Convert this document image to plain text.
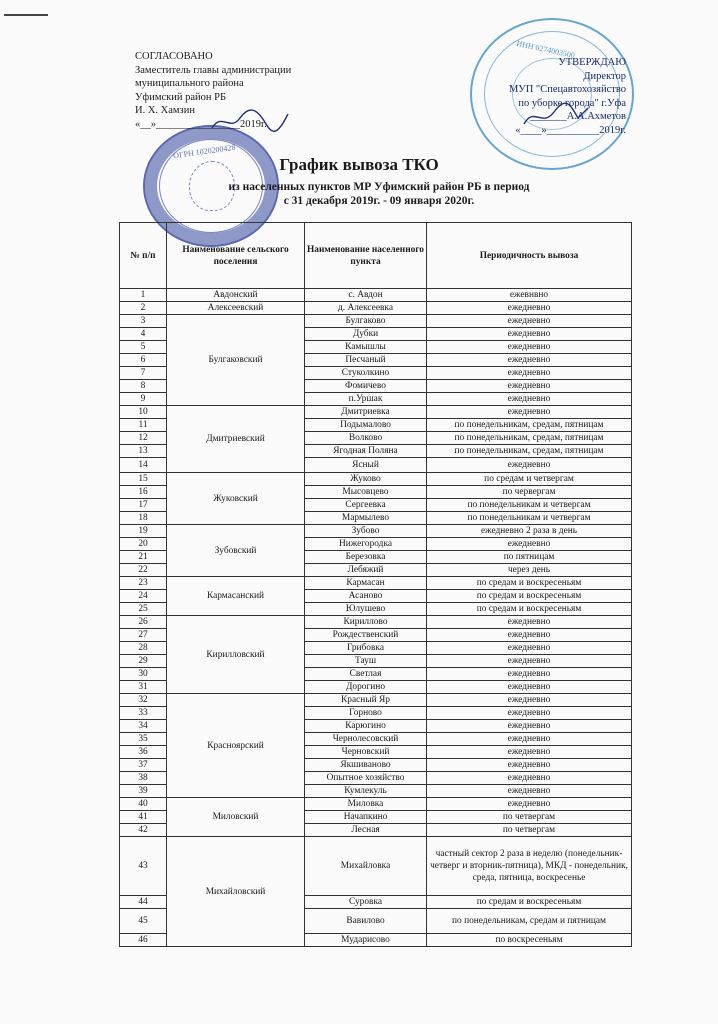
ОГРН 1020200428
ИНН 0274003500
СОГЛАСОВАНО
Заместитель главы администрации
муниципального района
Уфимский район РБ
И. Х. Хамзин
«__»________________2019г.
УТВЕРЖДАЮ
Директор
МУП "Спецавтохозяйство
по уборке города" г.Уфа
_______А.А.Ахметов
«____»__________2019г.
График вывоза ТКО
из населенных пунктов МР Уфимский район РБ в период
с 31 декабря 2019г. - 09 января 2020г.
№ п/п	Наименование сельского поселения	Наименование населенного пункта	Периодичность вывоза
1	Авдонский	с. Авдон	ежевнвно
2	Алексеевский	д. Алексеевка	ежедневно
3	Булгаковский	Булгаково	ежедневно
4		Дубки	ежедневно
5		Камышлы	ежедневно
6		Песчаный	ежедневно
7		Стуколкино	ежедневно
8		Фомичево	ежедневно
9		п.Уршак	ежедневно
10	Дмитриевский	Дмитриевка	ежедневно
11		Подымалово	по понедельникам, средам, пятницам
12		Волково	по понедельникам, средам, пятницам
13		Ягодная Поляна	по понедельникам, средам, пятницам
14		Ясный	ежедневно
15	Жуковский	Жуково	по средам и четвергам
16		Мысовцево	по червергам
17		Сергеевка	по понедельникам и четвергам
18		Мармылево	по понедельникам и четвергам
19	Зубовский	Зубово	ежедневно 2 раза в день
20		Нижегородка	ежедневно
21		Березовка	по пятницам
22		Лебяжий	через день
23	Кармасанский	Кармасан	по средам и воскресеньям
24		Асаново	по средам и воскресеньям
25		Юлушево	по средам и воскресеньям
26	Кирилловский	Кириллово	ежедневно
27		Рождественский	ежедневно
28		Грибовка	ежедневно
29		Тауш	ежедневно
30		Светлая	ежедневно
31		Дорогино	ежедневно
32	Красноярский	Красный Яр	ежедневно
33		Горново	ежедневно
34		Карюгино	ежедневно
35		Чернолесовский	ежедневно
36		Черновский	ежедневно
37		Якшиваново	ежедневно
38		Опытное хозяйство	ежедневно
39		Кумлекуль	ежедневно
40	Миловский	Миловка	ежедневно
41		Начапкино	по четвергам
42		Лесная	по четвергам
43	Михайловский	Михайловка	частный сектор 2 раза в неделю (понедельник-четверг и вторник-пятница), МКД - понедельник, среда, пятница, воскресенье
44		Суровка	по средам и воскресеньям
45		Вавилово	по понедельникам, средам и пятницам
46		Мударисово	по воскресеньям
